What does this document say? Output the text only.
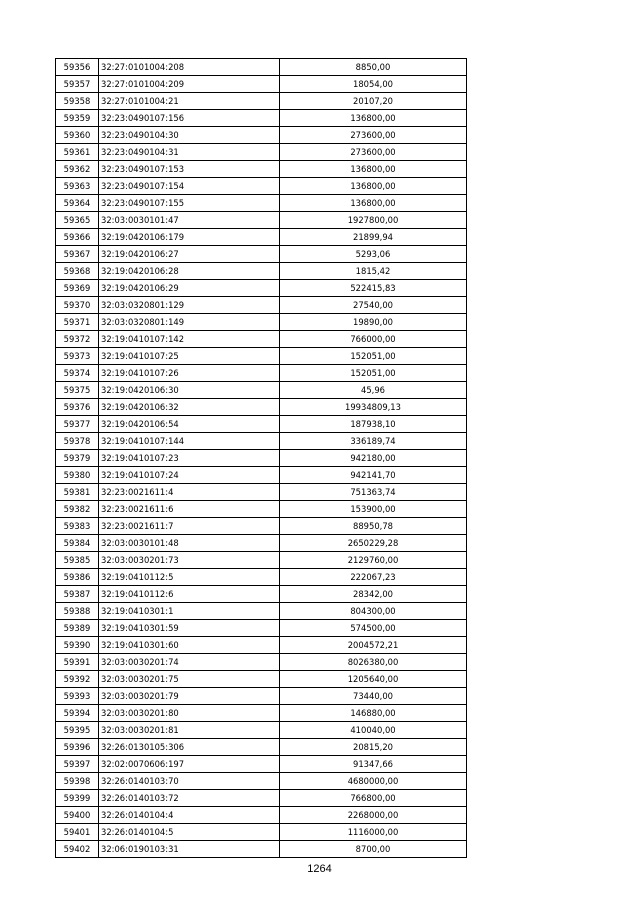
59356	32:27:0101004:208	8850,00
59357	32:27:0101004:209	18054,00
59358	32:27:0101004:21	20107,20
59359	32:23:0490107:156	136800,00
59360	32:23:0490104:30	273600,00
59361	32:23:0490104:31	273600,00
59362	32:23:0490107:153	136800,00
59363	32:23:0490107:154	136800,00
59364	32:23:0490107:155	136800,00
59365	32:03:0030101:47	1927800,00
59366	32:19:0420106:179	21899,94
59367	32:19:0420106:27	5293,06
59368	32:19:0420106:28	1815,42
59369	32:19:0420106:29	522415,83
59370	32:03:0320801:129	27540,00
59371	32:03:0320801:149	19890,00
59372	32:19:0410107:142	766000,00
59373	32:19:0410107:25	152051,00
59374	32:19:0410107:26	152051,00
59375	32:19:0420106:30	45,96
59376	32:19:0420106:32	19934809,13
59377	32:19:0420106:54	187938,10
59378	32:19:0410107:144	336189,74
59379	32:19:0410107:23	942180,00
59380	32:19:0410107:24	942141,70
59381	32:23:0021611:4	751363,74
59382	32:23:0021611:6	153900,00
59383	32:23:0021611:7	88950,78
59384	32:03:0030101:48	2650229,28
59385	32:03:0030201:73	2129760,00
59386	32:19:0410112:5	222067,23
59387	32:19:0410112:6	28342,00
59388	32:19:0410301:1	804300,00
59389	32:19:0410301:59	574500,00
59390	32:19:0410301:60	2004572,21
59391	32:03:0030201:74	8026380,00
59392	32:03:0030201:75	1205640,00
59393	32:03:0030201:79	73440,00
59394	32:03:0030201:80	146880,00
59395	32:03:0030201:81	410040,00
59396	32:26:0130105:306	20815,20
59397	32:02:0070606:197	91347,66
59398	32:26:0140103:70	4680000,00
59399	32:26:0140103:72	766800,00
59400	32:26:0140104:4	2268000,00
59401	32:26:0140104:5	1116000,00
59402	32:06:0190103:31	8700,00
1264
